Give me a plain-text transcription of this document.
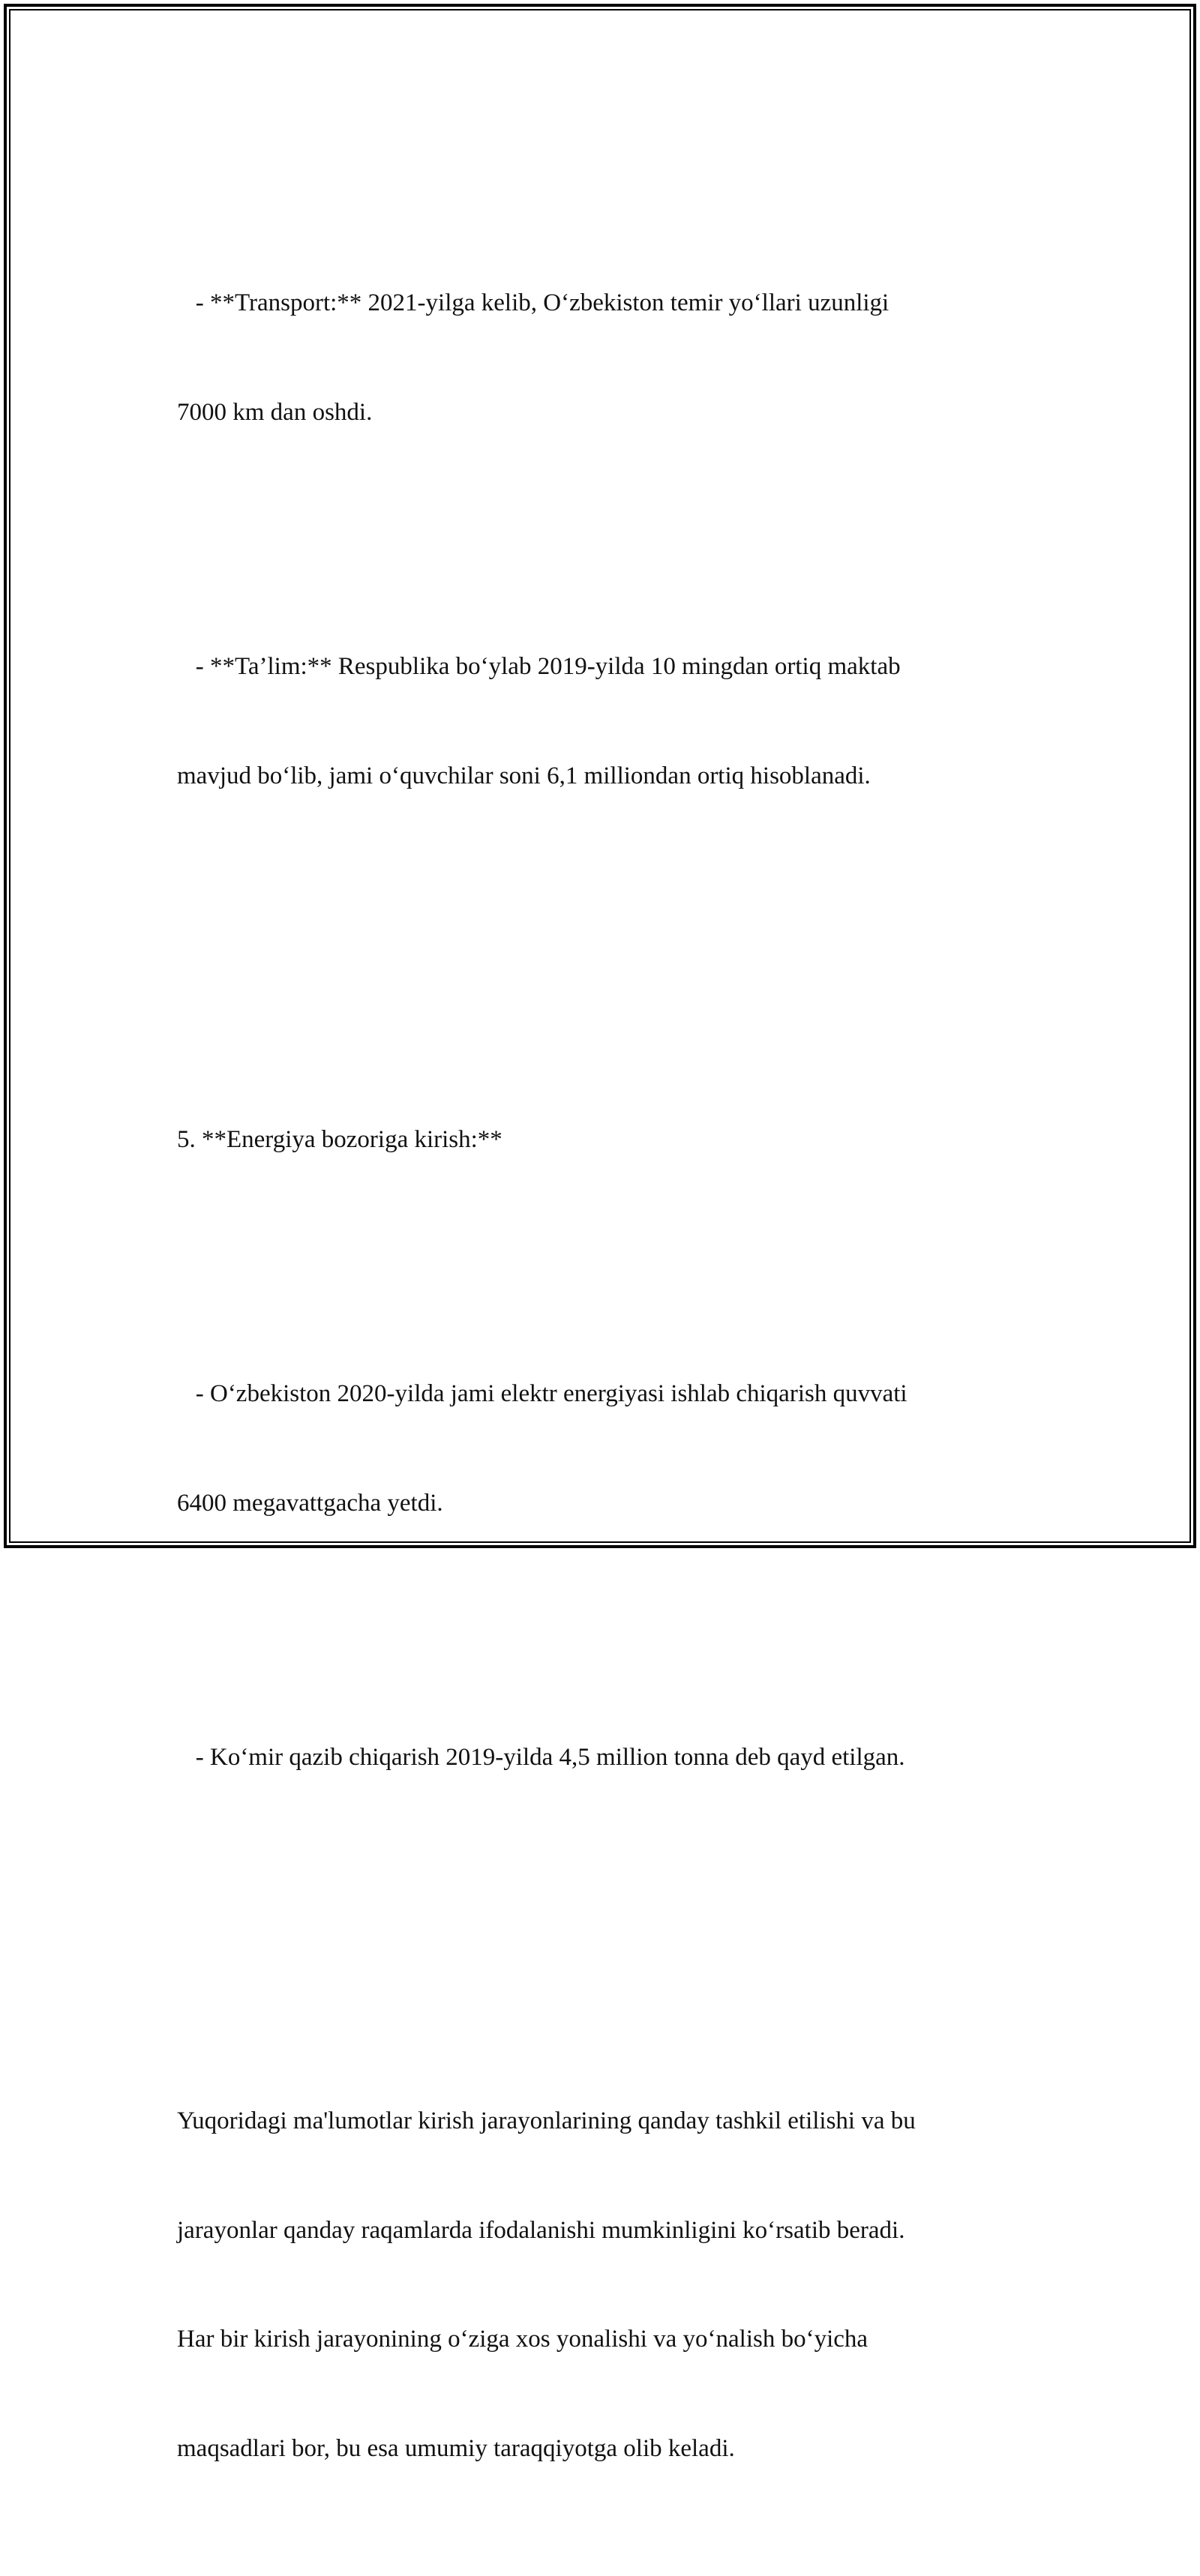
- **Transport:** 2021-yilga kelib, O‘zbekiston temir yo‘llari uzunligi

7000 km dan oshdi.

- **Ta’lim:** Respublika bo‘ylab 2019-yilda 10 mingdan ortiq maktab

mavjud bo‘lib, jami o‘quvchilar soni 6,1 milliondan ortiq hisoblanadi.

5. **Energiya bozoriga kirish:**

- O‘zbekiston 2020-yilda jami elektr energiyasi ishlab chiqarish quvvati

6400 megavattgacha yetdi.

- Ko‘mir qazib chiqarish 2019-yilda 4,5 million tonna deb qayd etilgan.

Yuqoridagi ma'lumotlar kirish jarayonlarining qanday tashkil etilishi va bu

jarayonlar qanday raqamlarda ifodalanishi mumkinligini ko‘rsatib beradi.

Har bir kirish jarayonining o‘ziga xos yonalishi va yo‘nalish bo‘yicha

maqsadlari bor, bu esa umumiy taraqqiyotga olib keladi.
